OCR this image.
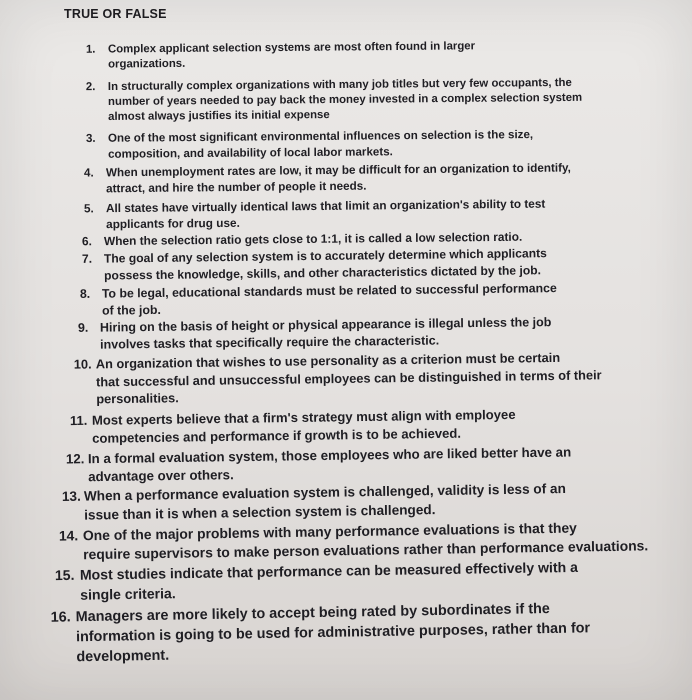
TRUE OR FALSE
1. Complex applicant selection systems are most often found in larger
organizations.
2. In structurally complex organizations with many job titles but very few occupants, the
number of years needed to pay back the money invested in a complex selection system
almost always justifies its initial expense
3. One of the most significant environmental influences on selection is the size,
composition, and availability of local labor markets.
4. When unemployment rates are low, it may be difficult for an organization to identify,
attract, and hire the number of people it needs.
5. All states have virtually identical laws that limit an organization's ability to test
applicants for drug use.
6. When the selection ratio gets close to 1:1, it is called a low selection ratio.
7. The goal of any selection system is to accurately determine which applicants
possess the knowledge, skills, and other characteristics dictated by the job.
8. To be legal, educational standards must be related to successful performance
of the job.
9. Hiring on the basis of height or physical appearance is illegal unless the job
involves tasks that specifically require the characteristic.
10. An organization that wishes to use personality as a criterion must be certain
that successful and unsuccessful employees can be distinguished in terms of their
personalities.
11. Most experts believe that a firm's strategy must align with employee
competencies and performance if growth is to be achieved.
12. In a formal evaluation system, those employees who are liked better have an
advantage over others.
13. When a performance evaluation system is challenged, validity is less of an
issue than it is when a selection system is challenged.
14. One of the major problems with many performance evaluations is that they
require supervisors to make person evaluations rather than performance evaluations.
15. Most studies indicate that performance can be measured effectively with a
single criteria.
16. Managers are more likely to accept being rated by subordinates if the
information is going to be used for administrative purposes, rather than for
development.
